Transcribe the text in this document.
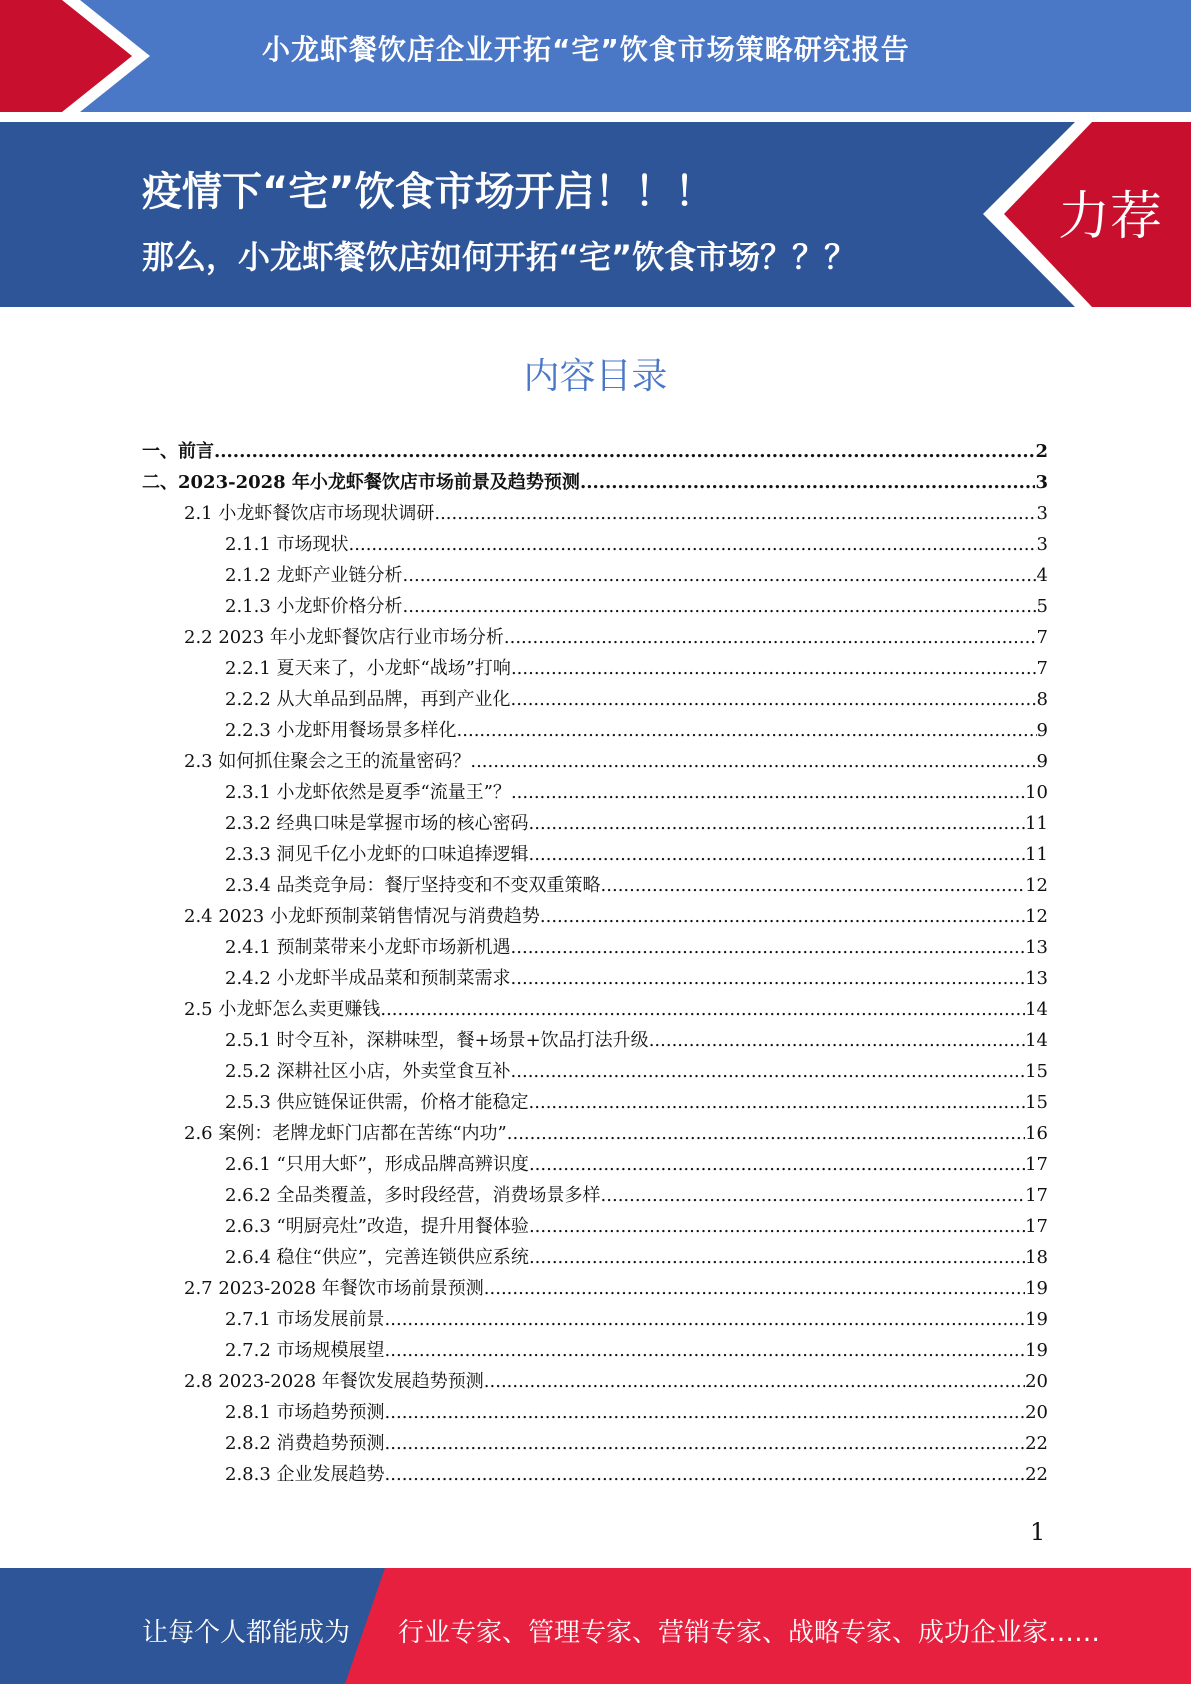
小龙虾餐饮店企业开拓“宅”饮食市场策略研究报告
疫情下“宅”饮食市场开启！！！
那么，小龙虾餐饮店如何开拓“宅”饮食市场？？？
力荐
内容目录
一、前言 .....	2
二、2023-2028 年小龙虾餐饮店市场前景及趋势预测 .....	3
2.1 小龙虾餐饮店市场现状调研 .....	3
2.1.1 市场现状 .....	3
2.1.2 龙虾产业链分析 .....	4
2.1.3 小龙虾价格分析 .....	5
2.2 2023 年小龙虾餐饮店行业市场分析 .....	7
2.2.1 夏天来了，小龙虾“战场”打响 .....	7
2.2.2 从大单品到品牌，再到产业化 .....	8
2.2.3 小龙虾用餐场景多样化 .....	9
2.3 如何抓住聚会之王的流量密码？ .....	9
2.3.1 小龙虾依然是夏季“流量王”？ .....	10
2.3.2 经典口味是掌握市场的核心密码 .....	11
2.3.3 洞见千亿小龙虾的口味追捧逻辑 .....	11
2.3.4 品类竞争局：餐厅坚持变和不变双重策略 .....	12
2.4 2023 小龙虾预制菜销售情况与消费趋势 .....	12
2.4.1 预制菜带来小龙虾市场新机遇 .....	13
2.4.2 小龙虾半成品菜和预制菜需求 .....	13
2.5 小龙虾怎么卖更赚钱 .....	14
2.5.1 时令互补，深耕味型，餐+场景+饮品打法升级 .....	14
2.5.2 深耕社区小店，外卖堂食互补 .....	15
2.5.3 供应链保证供需，价格才能稳定 .....	15
2.6 案例：老牌龙虾门店都在苦练“内功” .....	16
2.6.1 “只用大虾”，形成品牌高辨识度 .....	17
2.6.2 全品类覆盖，多时段经营，消费场景多样 .....	17
2.6.3 “明厨亮灶”改造，提升用餐体验 .....	17
2.6.4 稳住“供应”，完善连锁供应系统 .....	18
2.7 2023-2028 年餐饮市场前景预测 .....	19
2.7.1 市场发展前景 .....	19
2.7.2 市场规模展望 .....	19
2.8 2023-2028 年餐饮发展趋势预测 .....	20
2.8.1 市场趋势预测 .....	20
2.8.2 消费趋势预测 .....	22
2.8.3 企业发展趋势 .....	22
1
让每个人都能成为 行业专家、管理专家、营销专家、战略专家、成功企业家……
